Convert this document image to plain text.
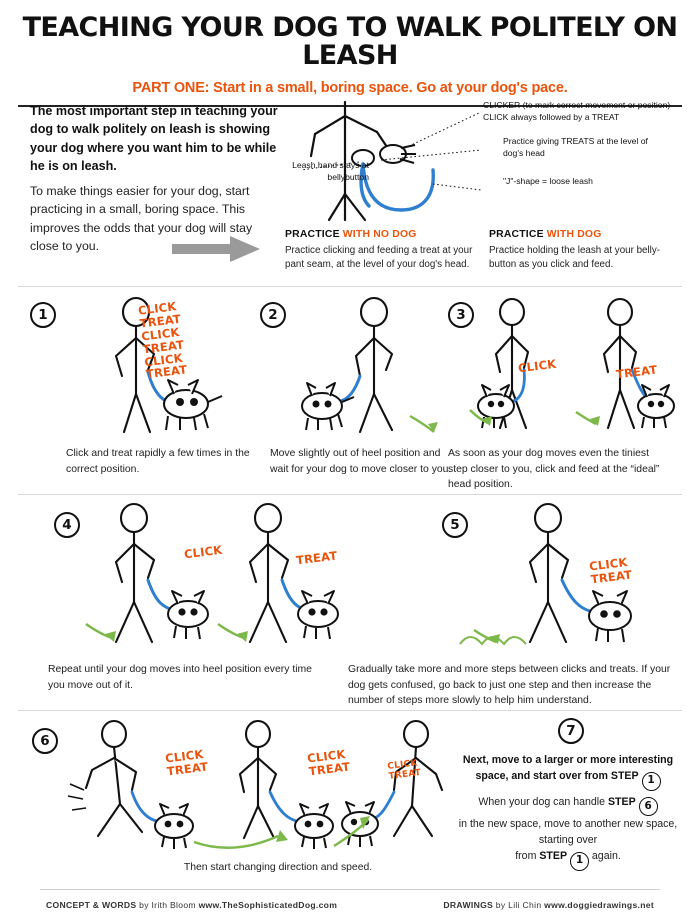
TEACHING YOUR DOG TO WALK POLITELY ON LEASH
PART ONE: Start in a small, boring space. Go at your dog's pace.

The most important step in teaching your dog to walk politely on leash is showing your dog where you want him to be while he is on leash.

To make things easier for your dog, start practicing in a small, boring space. This improves the odds that your dog will stay close to you.

CLICKER (to mark correct movement or position) CLICK always followed by a TREAT
Practice giving TREATS at the level of dog's head
"J"-shape = loose leash
Leash hand stays at bellybutton
PRACTICE WITH NO DOG

Practice clicking and feeding a treat at your pant seam, at the level of your dog's head.

PRACTICE WITH DOG

Practice holding the leash at your belly-button as you click and feed.

1	CLICK
TREAT
CLICK
TREAT
CLICK
TREAT
Click and treat rapidly a few times in the correct position.
2
Move slightly out of heel position and wait for your dog to move closer to you.
3
CLICK	TREAT
As soon as your dog moves even the tiniest step closer to you, click and feed at the “ideal” head position.
4
CLICK	TREAT
Repeat until your dog moves into heel position every time you move out of it.
5
CLICK
TREAT
Gradually take more and more steps between clicks and treats. If your dog gets confused, go back to just one step and then increase the number of steps more slowly to help him understand.
6
CLICK
TREAT
CLICK
TREAT	CLICK
TREAT
Then start changing direction and speed.
7
Next, move to a larger or more interesting space, and start over from STEP 1
When your dog can handle STEP 6
in the new space, move to another new space, starting over
from STEP 1 again.
CONCEPT & WORDS by Irith Bloom www.TheSophisticatedDog.com	DRAWINGS by Lili Chin www.doggiedrawings.net
